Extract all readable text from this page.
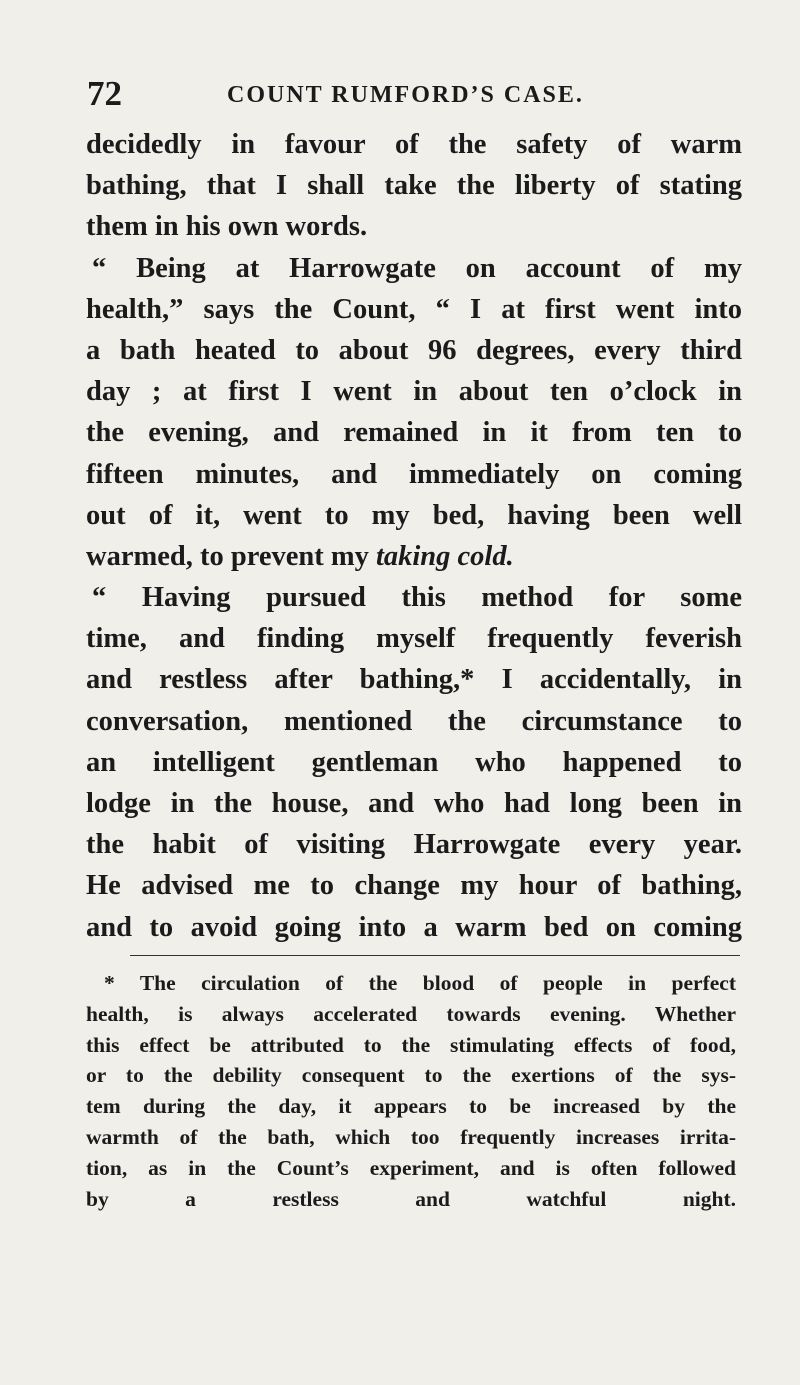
72	COUNT RUMFORD’S CASE.
decidedly in favour of the safety of warm
bathing, that I shall take the liberty of stating
them in his own words.
“ Being at Harrowgate on account of my
health,” says the Count, “ I at first went into
a bath heated to about 96 degrees, every third
day ; at first I went in about ten o’clock in
the evening, and remained in it from ten to
fifteen minutes, and immediately on coming
out of it, went to my bed, having been well
warmed, to prevent my taking cold.
“ Having pursued this method for some
time, and finding myself frequently feverish
and restless after bathing,* I accidentally, in
conversation, mentioned the circumstance to
an intelligent gentleman who happened to
lodge in the house, and who had long been in
the habit of visiting Harrowgate every year.
He advised me to change my hour of bathing,
and to avoid going into a warm bed on coming
* The circulation of the blood of people in perfect
health, is always accelerated towards evening. Whether
this effect be attributed to the stimulating effects of food,
or to the debility consequent to the exertions of the sys-
tem during the day, it appears to be increased by the
warmth of the bath, which too frequently increases irrita-
tion, as in the Count’s experiment, and is often followed
by a restless and watchful night.
